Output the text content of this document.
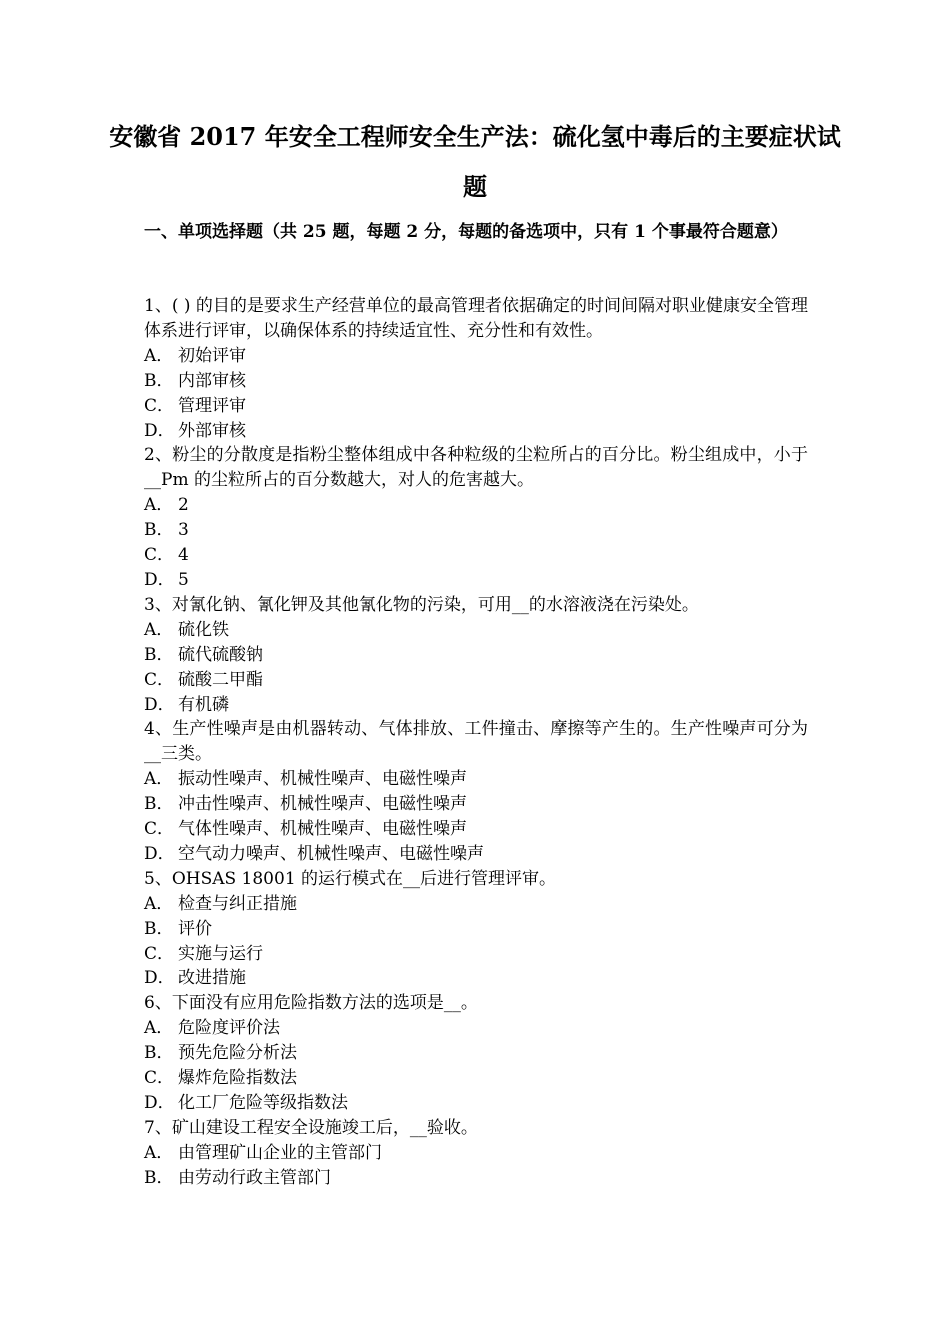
安徽省 2017 年安全工程师安全生产法：硫化氢中毒后的主要症状试题

一、单项选择题（共 25 题，每题 2 分，每题的备选项中，只有 1 个事最符合题意）

1、( ) 的目的是要求生产经营单位的最高管理者依据确定的时间间隔对职业健康安全管理体系进行评审，以确保体系的持续适宜性、充分性和有效性。

A． 初始评审

B． 内部审核

C． 管理评审

D． 外部审核

2、粉尘的分散度是指粉尘整体组成中各种粒级的尘粒所占的百分比。粉尘组成中，小于__Pm 的尘粒所占的百分数越大，对人的危害越大。

A． 2

B． 3

C． 4

D． 5

3、对氰化钠、氰化钾及其他氰化物的污染，可用__的水溶液浇在污染处。

A． 硫化铁

B． 硫代硫酸钠

C． 硫酸二甲酯

D． 有机磷

4、生产性噪声是由机器转动、气体排放、工件撞击、摩擦等产生的。生产性噪声可分为__三类。

A． 振动性噪声、机械性噪声、电磁性噪声

B． 冲击性噪声、机械性噪声、电磁性噪声

C． 气体性噪声、机械性噪声、电磁性噪声

D． 空气动力噪声、机械性噪声、电磁性噪声

5、OHSAS 18001 的运行模式在__后进行管理评审。

A． 检查与纠正措施

B． 评价

C． 实施与运行

D． 改进措施

6、下面没有应用危险指数方法的选项是__。

A． 危险度评价法

B． 预先危险分析法

C． 爆炸危险指数法

D． 化工厂危险等级指数法

7、矿山建设工程安全设施竣工后，__验收。

A． 由管理矿山企业的主管部门

B． 由劳动行政主管部门
